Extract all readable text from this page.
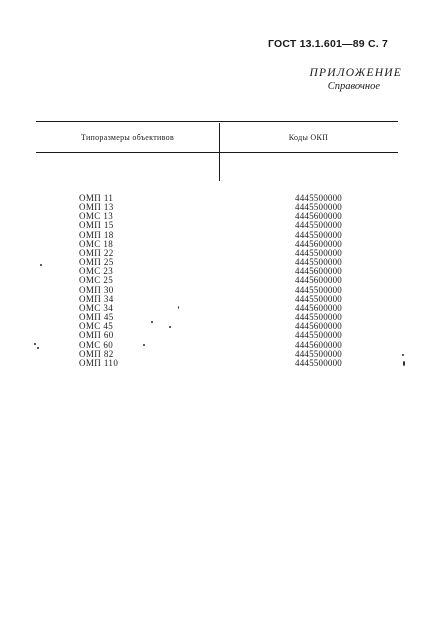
ГОСТ 13.1.601—89 С. 7
ПРИЛОЖЕНИЕ
Справочное
Типоразмеры объективов	Коды ОКП
ОМП 11
ОМП 13
ОМС 13
ОМП 15
ОМП 18
ОМС 18
ОМП 22
ОМП 25
ОМС 23
ОМС 25
ОМП 30
ОМП 34
ОМС 34
ОМП 45
ОМС 45
ОМП 60
ОМС 60
ОМП 82
ОМП 110
4445500000
4445500000
4445600000
4445500000
4445500000
4445600000
4445500000
4445500000
4445600000
4445600000
4445500000
4445500000
4445600000
4445500000
4445600000
4445500000
4445600000
4445500000
4445500000
